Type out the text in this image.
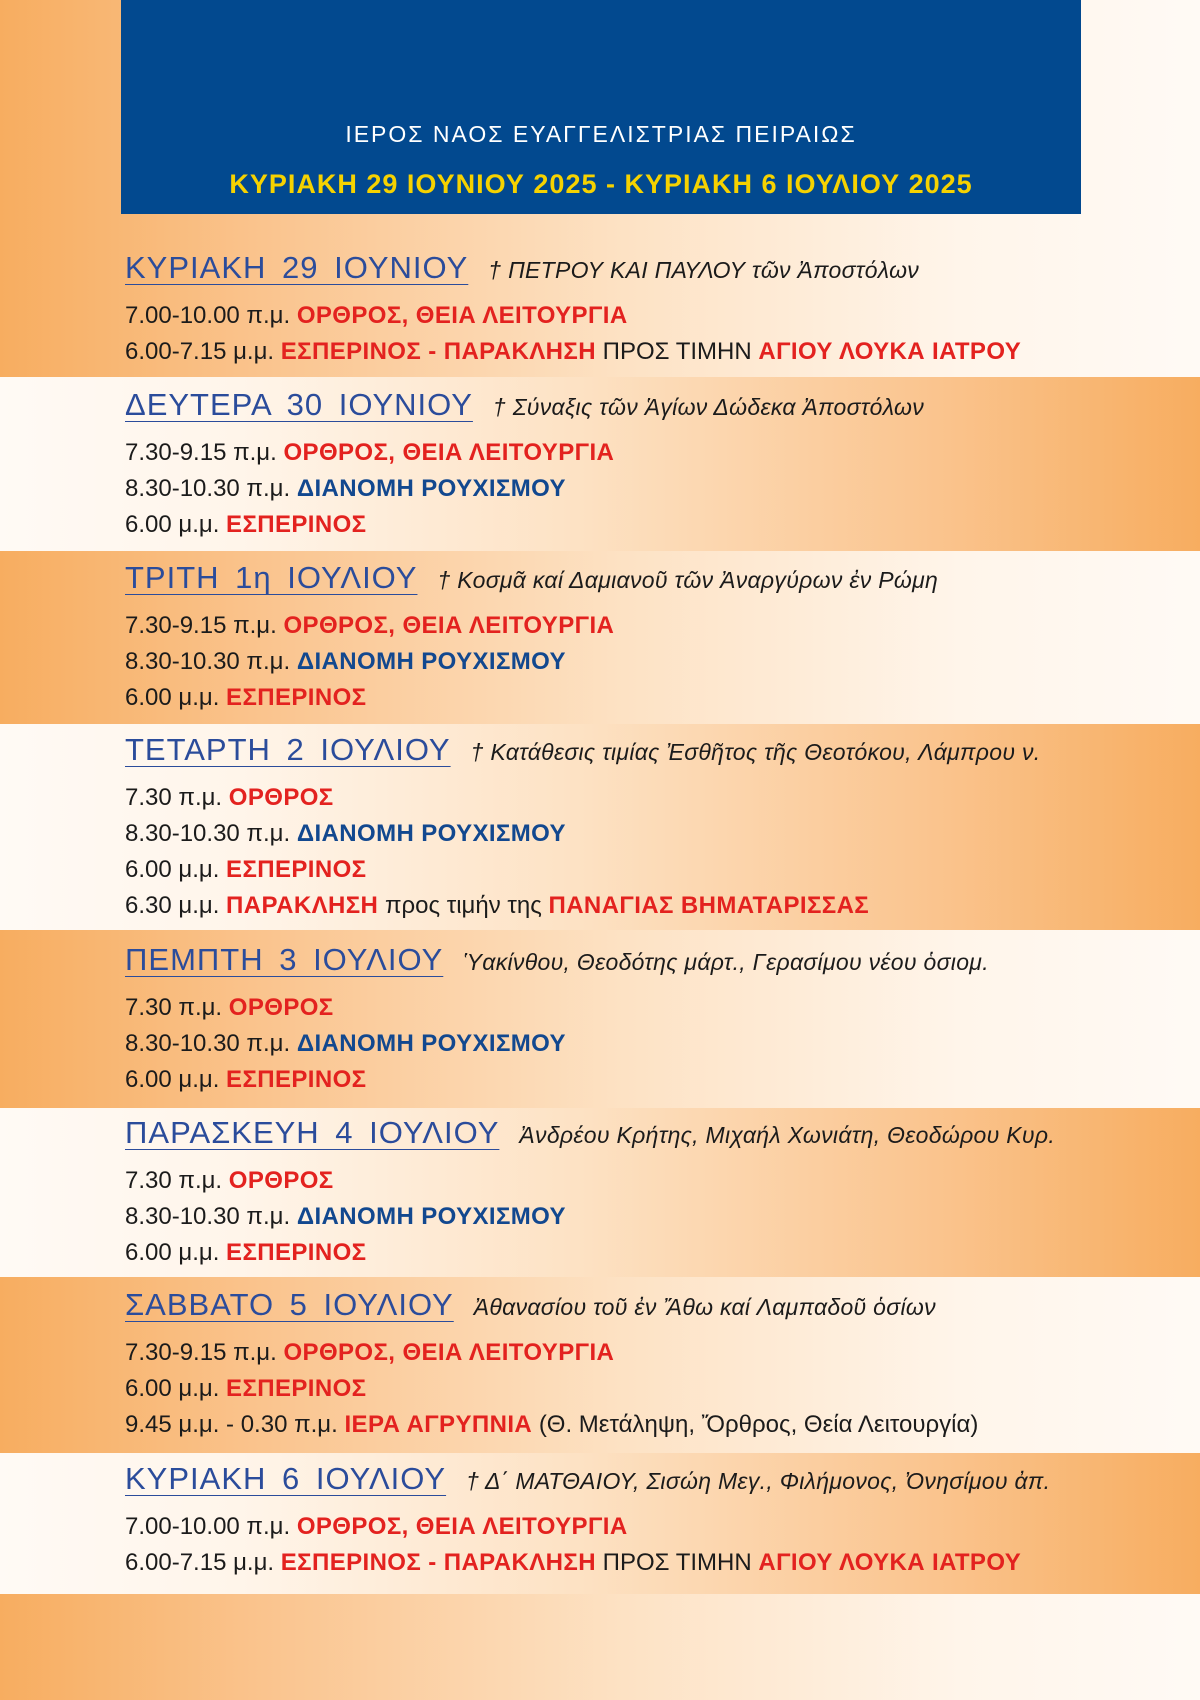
ΙΕΡΟΣ ΝΑΟΣ ΕΥΑΓΓΕΛΙΣΤΡΙΑΣ ΠΕΙΡΑΙΩΣ
ΚΥΡΙΑΚΗ 29 ΙΟΥΝΙΟΥ 2025 - ΚΥΡΙΑΚΗ 6 ΙΟΥΛΙΟΥ 2025
ΚΥΡΙΑΚΗ 29 ΙΟΥΝΙΟΥ † ΠΕΤΡΟΥ ΚΑΙ ΠΑΥΛΟΥ τῶν Ἀποστόλων
7.00-10.00 π.μ. ΟΡΘΡΟΣ, ΘΕΙΑ ΛΕΙΤΟΥΡΓΙΑ
6.00-7.15 μ.μ. ΕΣΠΕΡΙΝΟΣ - ΠΑΡΑΚΛΗΣΗ ΠΡΟΣ ΤΙΜΗΝ ΑΓΙΟΥ ΛΟΥΚΑ ΙΑΤΡΟΥ
ΔΕΥΤΕΡΑ 30 ΙΟΥΝΙΟΥ † Σύναξις τῶν Ἁγίων Δώδεκα Ἀποστόλων
7.30-9.15 π.μ. ΟΡΘΡΟΣ, ΘΕΙΑ ΛΕΙΤΟΥΡΓΙΑ
8.30-10.30 π.μ. ΔΙΑΝΟΜΗ ΡΟΥΧΙΣΜΟΥ
6.00 μ.μ. ΕΣΠΕΡΙΝΟΣ
ΤΡΙΤΗ 1η ΙΟΥΛΙΟΥ † Κοσμᾶ καί Δαμιανοῦ τῶν Ἀναργύρων ἐν Ρώμη
7.30-9.15 π.μ. ΟΡΘΡΟΣ, ΘΕΙΑ ΛΕΙΤΟΥΡΓΙΑ
8.30-10.30 π.μ. ΔΙΑΝΟΜΗ ΡΟΥΧΙΣΜΟΥ
6.00 μ.μ. ΕΣΠΕΡΙΝΟΣ
ΤΕΤΑΡΤΗ 2 ΙΟΥΛΙΟΥ † Κατάθεσις τιμίας Ἐσθῆτος τῆς Θεοτόκου, Λάμπρου ν.
7.30 π.μ. ΟΡΘΡΟΣ
8.30-10.30 π.μ. ΔΙΑΝΟΜΗ ΡΟΥΧΙΣΜΟΥ
6.00 μ.μ. ΕΣΠΕΡΙΝΟΣ
6.30 μ.μ. ΠΑΡΑΚΛΗΣΗ προς τιμήν της ΠΑΝΑΓΙΑΣ ΒΗΜΑΤΑΡΙΣΣΑΣ
ΠΕΜΠΤΗ 3 ΙΟΥΛΙΟΥ Ὑακίνθου, Θεοδότης μάρτ., Γερασίμου νέου ὁσιομ.
7.30 π.μ. ΟΡΘΡΟΣ
8.30-10.30 π.μ. ΔΙΑΝΟΜΗ ΡΟΥΧΙΣΜΟΥ
6.00 μ.μ. ΕΣΠΕΡΙΝΟΣ
ΠΑΡΑΣΚΕΥΗ 4 ΙΟΥΛΙΟΥ Ἀνδρέου Κρήτης, Μιχαήλ Χωνιάτη, Θεοδώρου Κυρ.
7.30 π.μ. ΟΡΘΡΟΣ
8.30-10.30 π.μ. ΔΙΑΝΟΜΗ ΡΟΥΧΙΣΜΟΥ
6.00 μ.μ. ΕΣΠΕΡΙΝΟΣ
ΣΑΒΒΑΤΟ 5 ΙΟΥΛΙΟΥ Ἀθανασίου τοῦ ἐν Ἄθω καί Λαμπαδοῦ ὁσίων
7.30-9.15 π.μ. ΟΡΘΡΟΣ, ΘΕΙΑ ΛΕΙΤΟΥΡΓΙΑ
6.00 μ.μ. ΕΣΠΕΡΙΝΟΣ
9.45 μ.μ. - 0.30 π.μ. ΙΕΡΑ ΑΓΡΥΠΝΙΑ (Θ. Μετάληψη, Ὄρθρος, Θεία Λειτουργία)
ΚΥΡΙΑΚΗ 6 ΙΟΥΛΙΟΥ † Δ΄ ΜΑΤΘΑΙΟΥ, Σισώη Μεγ., Φιλήμονος, Ὀνησίμου ἀπ.
7.00-10.00 π.μ. ΟΡΘΡΟΣ, ΘΕΙΑ ΛΕΙΤΟΥΡΓΙΑ
6.00-7.15 μ.μ. ΕΣΠΕΡΙΝΟΣ - ΠΑΡΑΚΛΗΣΗ ΠΡΟΣ ΤΙΜΗΝ ΑΓΙΟΥ ΛΟΥΚΑ ΙΑΤΡΟΥ
